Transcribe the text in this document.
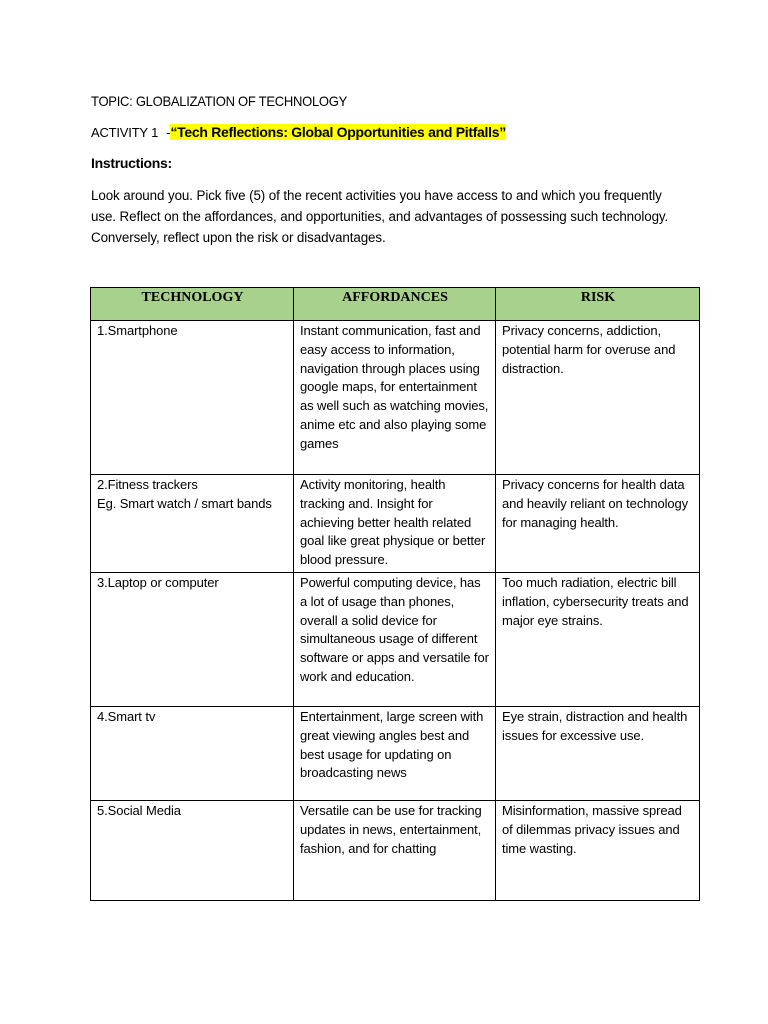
TOPIC: GLOBALIZATION OF TECHNOLOGY
ACTIVITY 1 -“Tech Reflections: Global Opportunities and Pitfalls”
Instructions:
Look around you. Pick five (5) of the recent activities you have access to and which you frequently use. Reflect on the affordances, and opportunities, and advantages of possessing such technology. Conversely, reflect upon the risk or disadvantages.
TECHNOLOGY	AFFORDANCES	RISK

1.Smartphone	Instant communication, fast and easy access to information, navigation through places using google maps, for entertainment as well such as watching movies, anime etc and also playing some games	Privacy concerns, addiction, potential harm for overuse and distraction.

2.Fitness trackers
Eg. Smart watch / smart bands	Activity monitoring, health tracking and. Insight for achieving better health related goal like great physique or better blood pressure.	Privacy concerns for health data and heavily reliant on technology for managing health.

3.Laptop or computer	Powerful computing device, has a lot of usage than phones, overall a solid device for simultaneous usage of different software or apps and versatile for work and education.	Too much radiation, electric bill inflation, cybersecurity treats and major eye strains.

4.Smart tv	Entertainment, large screen with great viewing angles best and best usage for updating on broadcasting news	Eye strain, distraction and health issues for excessive use.

5.Social Media	Versatile can be use for tracking updates in news, entertainment, fashion, and for chatting	Misinformation, massive spread of dilemmas privacy issues and time wasting.
